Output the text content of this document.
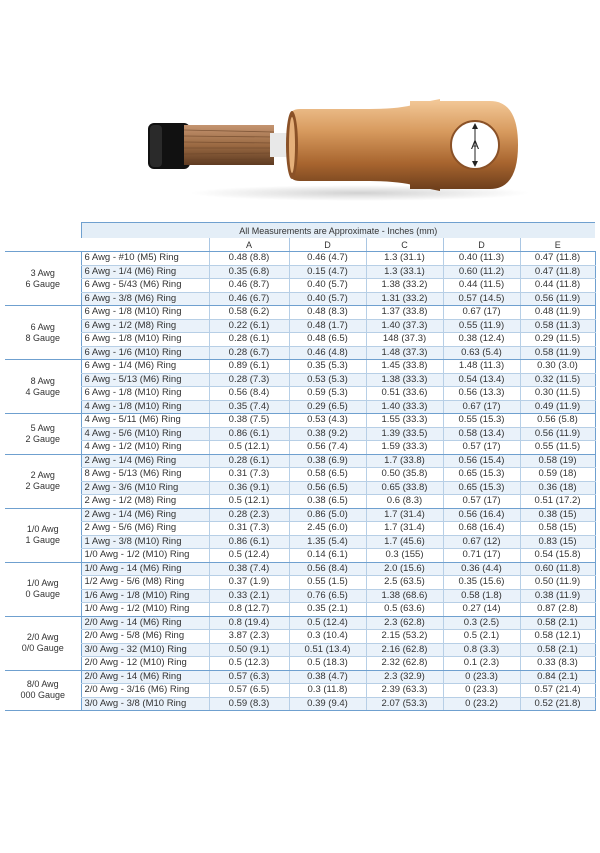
A
	All Measurements are Approximate - Inches (mm)					
		A	D	C	D	E

3 Awg
6 Gauge	6 Awg - #10 (M5) Ring	0.48 (8.8)	0.46 (4.7)	1.3 (31.1)	0.40 (11.3)	0.47 (11.8)
	6 Awg - 1/4 (M6) Ring	0.35 (6.8)	0.15 (4.7)	1.3 (33.1)	0.60 (11.2)	0.47 (11.8)
	6 Awg - 5/43 (M6) Ring	0.46 (8.7)	0.40 (5.7)	1.38 (33.2)	0.44 (11.5)	0.44 (11.8)
	6 Awg - 3/8 (M6) Ring	0.46 (6.7)	0.40 (5.7)	1.31 (33.2)	0.57 (14.5)	0.56 (11.9)

6 Awg
8 Gauge	6 Awg - 1/8 (M10) Ring	0.58 (6.2)	0.48 (8.3)	1.37 (33.8)	0.67 (17)	0.48 (11.9)
	6 Awg - 1/2 (M8) Ring	0.22 (6.1)	0.48 (1.7)	1.40 (37.3)	0.55 (11.9)	0.58 (11.3)
	6 Awg - 1/8 (M10) Ring	0.28 (6.1)	0.48 (6.5)	148 (37.3)	0.38 (12.4)	0.29 (11.5)
	6 Awg - 1/6 (M10) Ring	0.28 (6.7)	0.46 (4.8)	1.48 (37.3)	0.63 (5.4)	0.58 (11.9)

8 Awg
4 Gauge	6 Awg - 1/4 (M6) Ring	0.89 (6.1)	0.35 (5.3)	1.45 (33.8)	1.48 (11.3)	0.30 (3.0)
	6 Awg - 5/13 (M6) Ring	0.28 (7.3)	0.53 (5.3)	1.38 (33.3)	0.54 (13.4)	0.32 (11.5)
	6 Awg - 1/8 (M10) Ring	0.56 (8.4)	0.59 (5.3)	0.51 (33.6)	0.56 (13.3)	0.30 (11.5)
	4 Awg - 1/8 (M10) Ring	0.35 (7.4)	0.29 (6.5)	1.40 (33.3)	0.67 (17)	0.49 (11.9)

5 Awg
2 Gauge	4 Awg - 5/11 (M6) Ring	0.38 (7.5)	0.53 (4.3)	1.55 (33.3)	0.55 (15.3)	0.56 (5.8)
	4 Awg - 5/6 (M10) Ring	0.86 (6.1)	0.38 (9.2)	1.39 (33.5)	0.58 (13.4)	0.56 (11.9)
	4 Awg - 1/2 (M10) Ring	0.5 (12.1)	0.56 (7.4)	1.59 (33.3)	0.57 (17)	0.55 (11.5)

2 Awg
2 Gauge	2 Awg - 1/4 (M6) Ring	0.28 (6.1)	0.38 (6.9)	1.7 (33.8)	0.56 (15.4)	0.58 (19)
	8 Awg - 5/13 (M6) Ring	0.31 (7.3)	0.58 (6.5)	0.50 (35.8)	0.65 (15.3)	0.59 (18)
	2 Awg - 3/6 (M10 Ring	0.36 (9.1)	0.56 (6.5)	0.65 (33.8)	0.65 (15.3)	0.36 (18)
	2 Awg - 1/2 (M8) Ring	0.5 (12.1)	0.38 (6.5)	0.6 (8.3)	0.57 (17)	0.51 (17.2)

1/0 Awg
1 Gauge	2 Awg - 1/4 (M6) Ring	0.28 (2.3)	0.86 (5.0)	1.7 (31.4)	0.56 (16.4)	0.38 (15)
	2 Awg - 5/6 (M6) Ring	0.31 (7.3)	2.45 (6.0)	1.7 (31.4)	0.68 (16.4)	0.58 (15)
	1 Awg - 3/8 (M10) Ring	0.86 (6.1)	1.35 (5.4)	1.7 (45.6)	0.67 (12)	0.83 (15)
	1/0 Awg - 1/2 (M10) Ring	0.5 (12.4)	0.14 (6.1)	0.3 (155)	0.71 (17)	0.54 (15.8)

1/0 Awg
0 Gauge	1/0 Awg - 14 (M6) Ring	0.38 (7.4)	0.56 (8.4)	2.0 (15.6)	0.36 (4.4)	0.60 (11.8)
	1/2 Awg - 5/6 (M8) Ring	0.37 (1.9)	0.55 (1.5)	2.5 (63.5)	0.35 (15.6)	0.50 (11.9)
	1/6 Awg - 1/8 (M10) Ring	0.33 (2.1)	0.76 (6.5)	1.38 (68.6)	0.58 (1.8)	0.38 (11.9)
	1/0 Awg - 1/2 (M10) Ring	0.8 (12.7)	0.35 (2.1)	0.5 (63.6)	0.27 (14)	0.87 (2.8)

2/0 Awg
0/0 Gauge	2/0 Awg - 14 (M6) Ring	0.8 (19.4)	0.5 (12.4)	2.3 (62.8)	0.3 (2.5)	0.58 (2.1)
	2/0 Awg - 5/8 (M6) Ring	3.87 (2.3)	0.3 (10.4)	2.15 (53.2)	0.5 (2.1)	0.58 (12.1)
	3/0 Awg - 32 (M10) Ring	0.50 (9.1)	0.51 (13.4)	2.16 (62.8)	0.8 (3.3)	0.58 (2.1)
	2/0 Awg - 12 (M10) Ring	0.5 (12.3)	0.5 (18.3)	2.32 (62.8)	0.1 (2.3)	0.33 (8.3)

8/0 Awg
000 Gauge	2/0 Awg - 14 (M6) Ring	0.57 (6.3)	0.38 (4.7)	2.3 (32.9)	0 (23.3)	0.84 (2.1)
	2/0 Awg - 3/16 (M6) Ring	0.57 (6.5)	0.3 (11.8)	2.39 (63.3)	0 (23.3)	0.57 (21.4)
	3/0 Awg - 3/8 (M10 Ring	0.59 (8.3)	0.39 (9.4)	2.07 (53.3)	0 (23.2)	0.52 (21.8)
